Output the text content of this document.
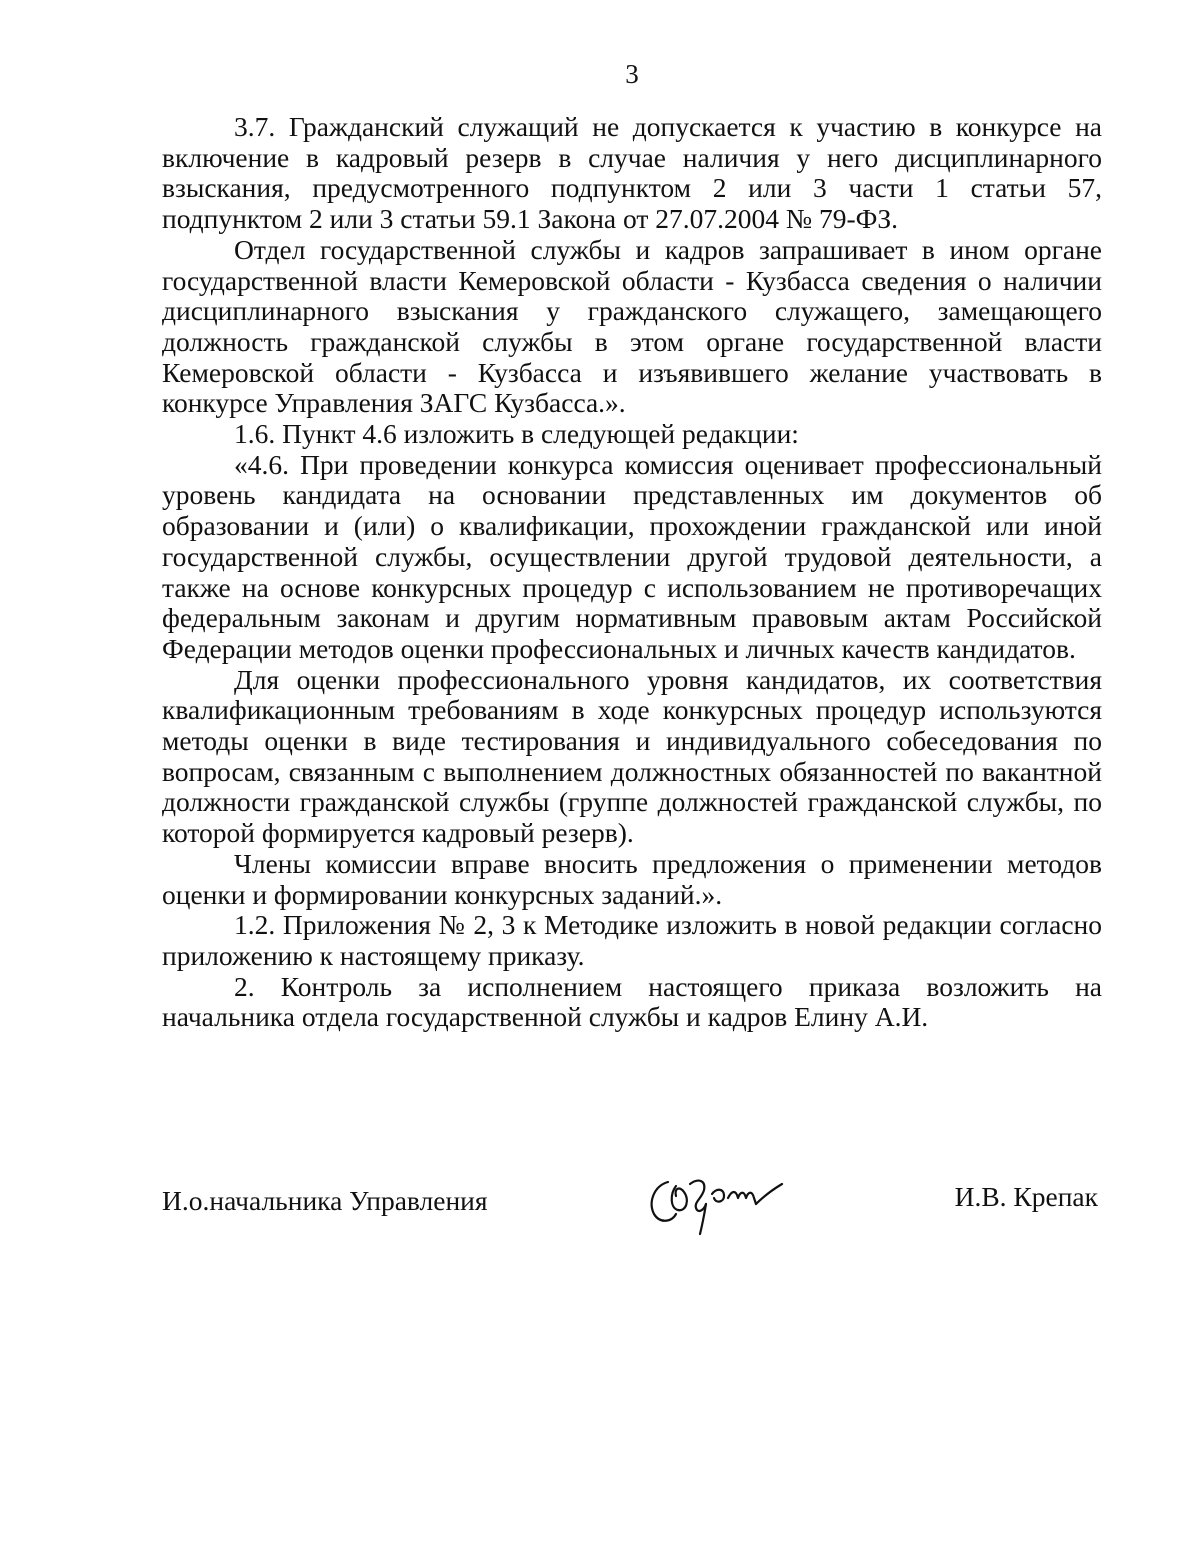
3

3.7. Гражданский служащий не допускается к участию в конкурсе на включение в кадровый резерв в случае наличия у него дисциплинарного взыскания, предусмотренного подпунктом 2 или 3 части 1 статьи 57, подпунктом 2 или 3 статьи 59.1 Закона от 27.07.2004 № 79-ФЗ.

Отдел государственной службы и кадров запрашивает в ином органе государственной власти Кемеровской области - Кузбасса сведения о наличии дисциплинарного взыскания у гражданского служащего, замещающего должность гражданской службы в этом органе государственной власти Кемеровской области - Кузбасса и изъявившего желание участвовать в конкурсе Управления ЗАГС Кузбасса.».

1.6. Пункт 4.6 изложить в следующей редакции:

«4.6. При проведении конкурса комиссия оценивает профессиональный уровень кандидата на основании представленных им документов об образовании и (или) о квалификации, прохождении гражданской или иной государственной службы, осуществлении другой трудовой деятельности, а также на основе конкурсных процедур с использованием не противоречащих федеральным законам и другим нормативным правовым актам Российской Федерации методов оценки профессиональных и личных качеств кандидатов.

Для оценки профессионального уровня кандидатов, их соответствия квалификационным требованиям в ходе конкурсных процедур используются методы оценки в виде тестирования и индивидуального собеседования по вопросам, связанным с выполнением должностных обязанностей по вакантной должности гражданской службы (группе должностей гражданской службы, по которой формируется кадровый резерв).

Члены комиссии вправе вносить предложения о применении методов оценки и формировании конкурсных заданий.».

1.2. Приложения № 2, 3 к Методике изложить в новой редакции согласно приложению к настоящему приказу.

2. Контроль за исполнением настоящего приказа возложить на начальника отдела государственной службы и кадров Елину А.И.

И.о.начальника Управления	И.В. Крепак
